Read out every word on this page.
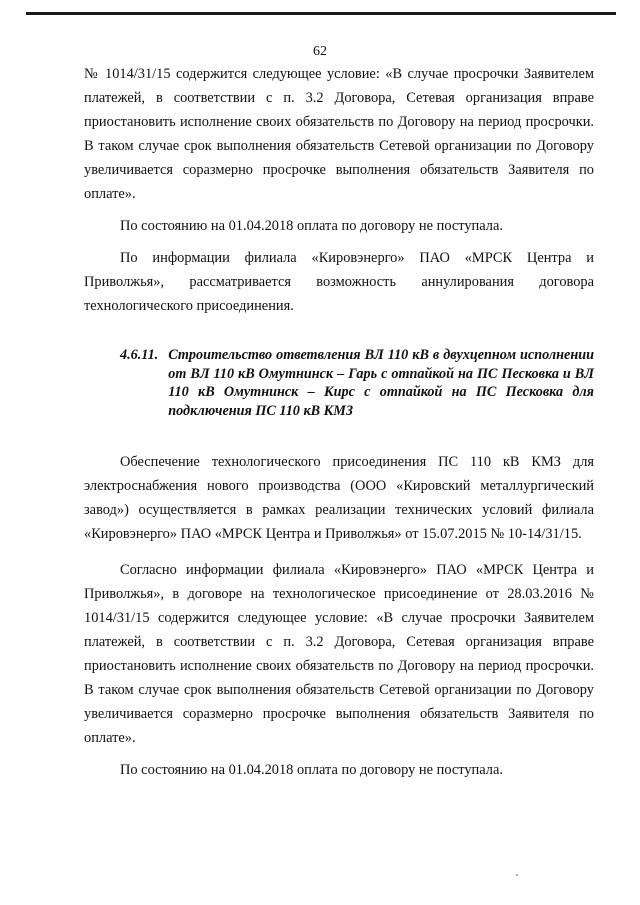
62

№ 1014/31/15 содержится следующее условие: «В случае просрочки Заявителем платежей, в соответствии с п. 3.2 Договора, Сетевая организация вправе приостановить исполнение своих обязательств по Договору на период просрочки. В таком случае срок выполнения обязательств Сетевой организации по Договору увеличивается соразмерно просрочке выполнения обязательств Заявителя по оплате».

По состоянию на 01.04.2018 оплата по договору не поступала.

По информации филиала «Кировэнерго» ПАО «МРСК Центра и Приволжья», рассматривается возможность аннулирования договора технологического присоединения.

4.6.11. Строительство ответвления ВЛ 110 кВ в двухцепном исполнении от ВЛ 110 кВ Омутнинск – Гарь с отпайкой на ПС Песковка и ВЛ 110 кВ Омутнинск – Кирс с отпайкой на ПС Песковка для подключения ПС 110 кВ КМЗ

Обеспечение технологического присоединения ПС 110 кВ КМЗ для электроснабжения нового производства (ООО «Кировский металлургический завод») осуществляется в рамках реализации технических условий филиала «Кировэнерго» ПАО «МРСК Центра и Приволжья» от 15.07.2015 № 10-14/31/15.

Согласно информации филиала «Кировэнерго» ПАО «МРСК Центра и Приволжья», в договоре на технологическое присоединение от 28.03.2016 № 1014/31/15 содержится следующее условие: «В случае просрочки Заявителем платежей, в соответствии с п. 3.2 Договора, Сетевая организация вправе приостановить исполнение своих обязательств по Договору на период просрочки. В таком случае срок выполнения обязательств Сетевой организации по Договору увеличивается соразмерно просрочке выполнения обязательств Заявителя по оплате».

По состоянию на 01.04.2018 оплата по договору не поступала.
